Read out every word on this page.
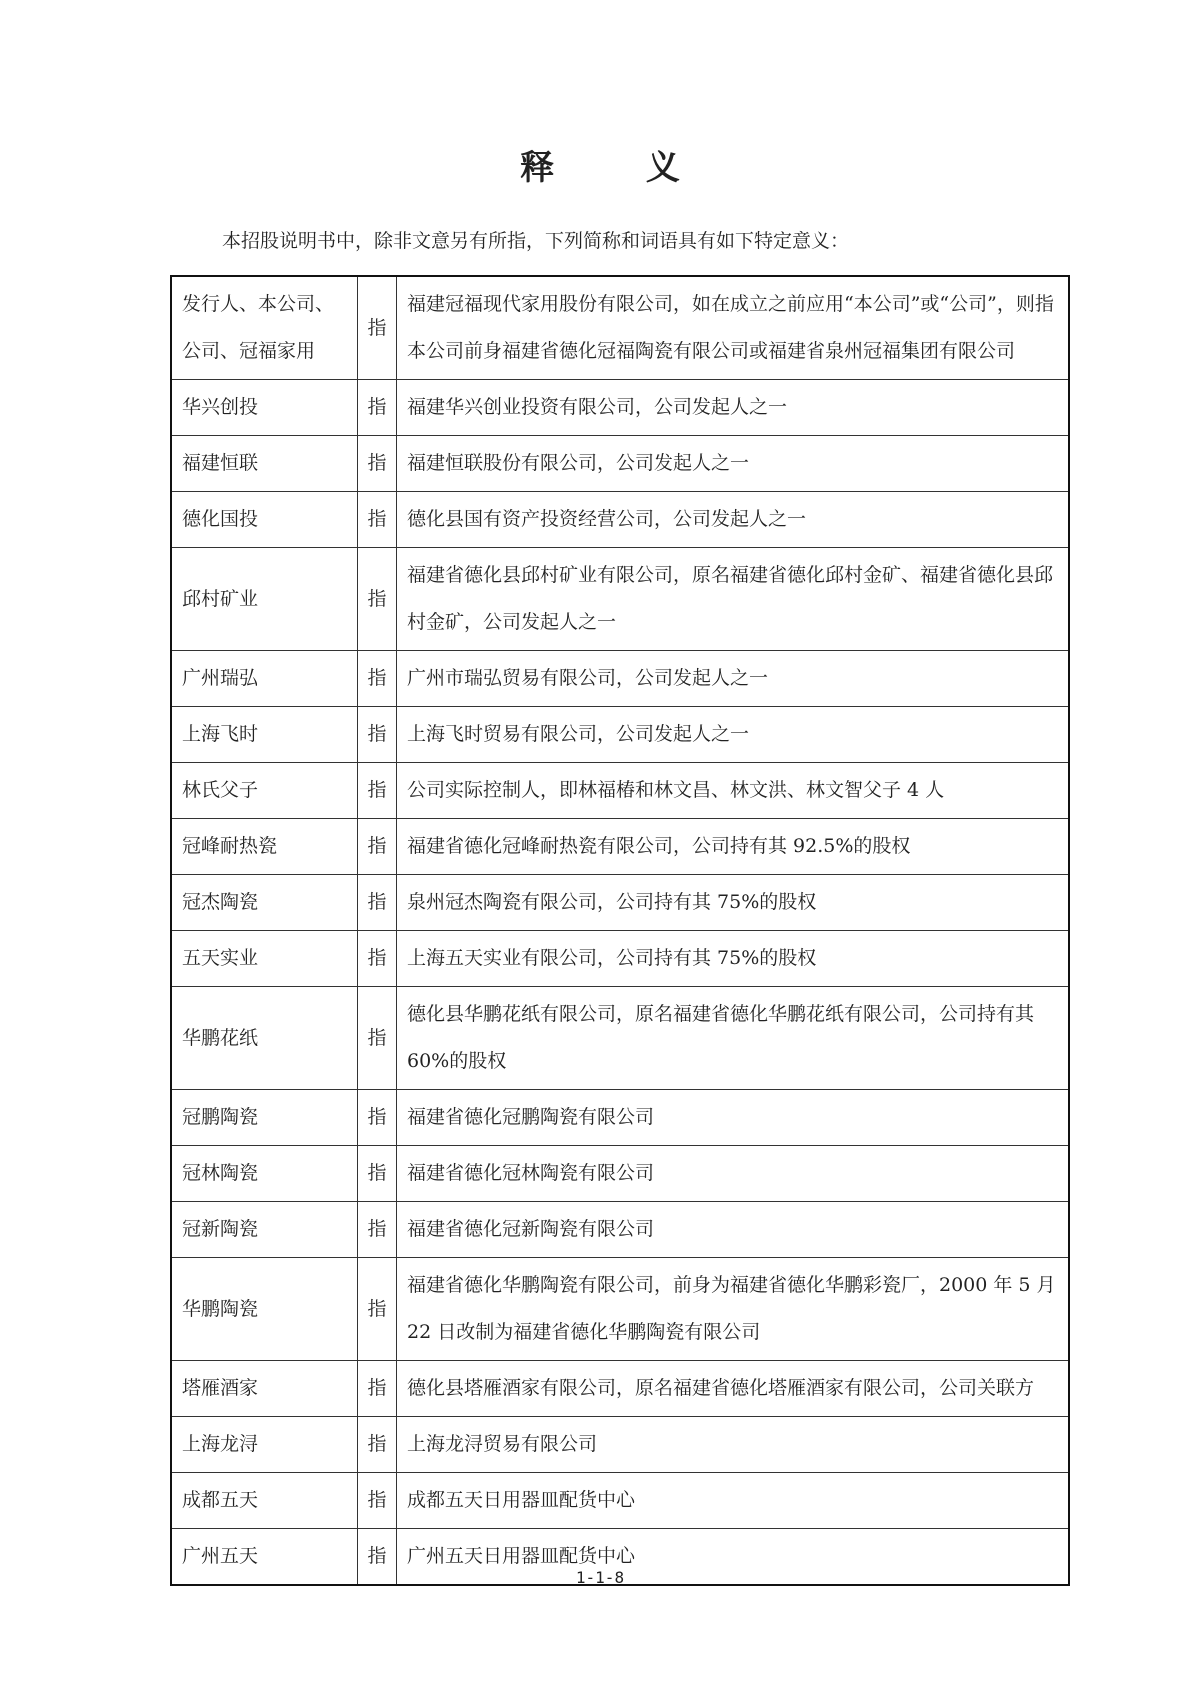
释 义
本招股说明书中，除非文意另有所指，下列简称和词语具有如下特定意义：
发行人、本公司、公司、冠福家用	指	福建冠福现代家用股份有限公司，如在成立之前应用“本公司”或“公司”，则指本公司前身福建省德化冠福陶瓷有限公司或福建省泉州冠福集团有限公司
华兴创投	指	福建华兴创业投资有限公司，公司发起人之一
福建恒联	指	福建恒联股份有限公司，公司发起人之一
德化国投	指	德化县国有资产投资经营公司，公司发起人之一
邱村矿业	指	福建省德化县邱村矿业有限公司，原名福建省德化邱村金矿、福建省德化县邱村金矿，公司发起人之一
广州瑞弘	指	广州市瑞弘贸易有限公司，公司发起人之一
上海飞时	指	上海飞时贸易有限公司，公司发起人之一
林氏父子	指	公司实际控制人，即林福椿和林文昌、林文洪、林文智父子 4 人
冠峰耐热瓷	指	福建省德化冠峰耐热瓷有限公司，公司持有其 92.5%的股权
冠杰陶瓷	指	泉州冠杰陶瓷有限公司，公司持有其 75%的股权
五天实业	指	上海五天实业有限公司，公司持有其 75%的股权
华鹏花纸	指	德化县华鹏花纸有限公司，原名福建省德化华鹏花纸有限公司，公司持有其 60%的股权
冠鹏陶瓷	指	福建省德化冠鹏陶瓷有限公司
冠林陶瓷	指	福建省德化冠林陶瓷有限公司
冠新陶瓷	指	福建省德化冠新陶瓷有限公司
华鹏陶瓷	指	福建省德化华鹏陶瓷有限公司，前身为福建省德化华鹏彩瓷厂，2000 年 5 月 22 日改制为福建省德化华鹏陶瓷有限公司
塔雁酒家	指	德化县塔雁酒家有限公司，原名福建省德化塔雁酒家有限公司，公司关联方
上海龙浔	指	上海龙浔贸易有限公司
成都五天	指	成都五天日用器皿配货中心
广州五天	指	广州五天日用器皿配货中心
1-1-8
